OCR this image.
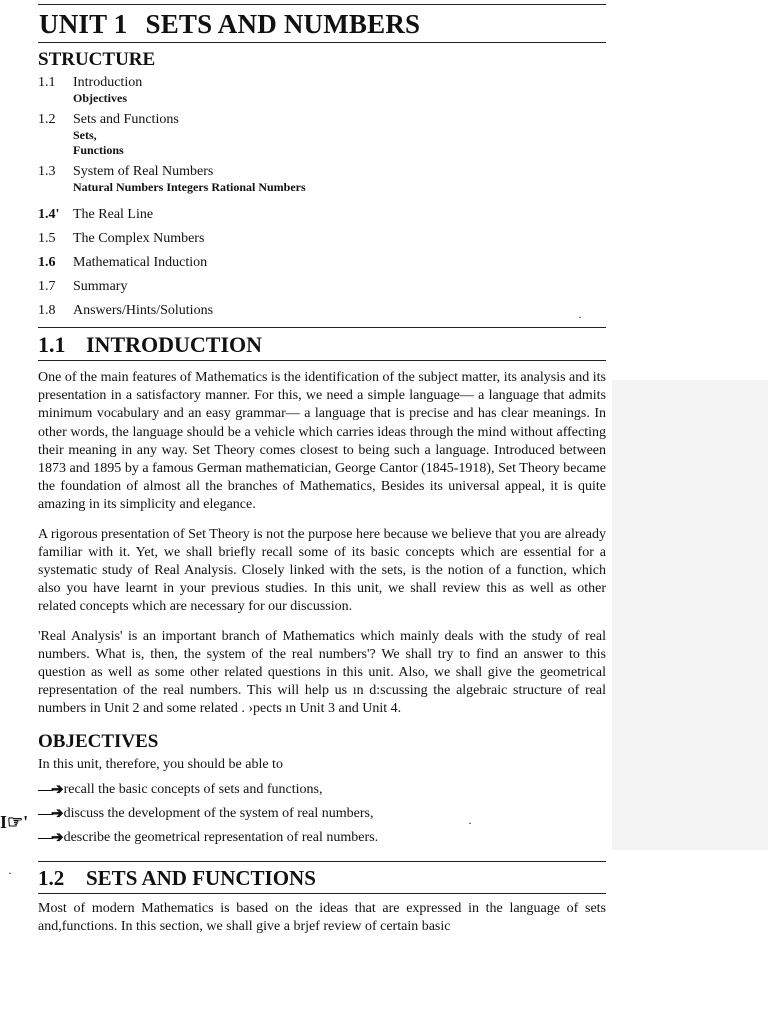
UNIT 1 SETS AND NUMBERS
STRUCTURE
1.1	Introduction
Objectives
1.2	Sets and Functions
Sets,
Functions
1.3	System of Real Numbers
Natural Numbers Integers Rational Numbers
1.4' The Real Line
1.5	The Complex Numbers
1.6	Mathematical Induction
1.7	Summary
1.8	Answers/Hints/Solutions
1.1 INTRODUCTION

One of the main features of Mathematics is the identification of the subject matter, its analysis and its presentation in a satisfactory manner. For this, we need a simple language— a language that admits minimum vocabulary and an easy grammar— a language that is precise and has clear meanings. In other words, the language should be a vehicle which carries ideas through the mind without affecting their meaning in any way. Set Theory comes closest to being such a language. Introduced between 1873 and 1895 by a famous German mathematician, George Cantor (1845-1918), Set Theory became the foundation of almost all the branches of Mathematics, Besides its universal appeal, it is quite amazing in its simplicity and elegance.

A rigorous presentation of Set Theory is not the purpose here because we believe that you are already familiar with it. Yet, we shall briefly recall some of its basic concepts which are essential for a systematic study of Real Analysis. Closely linked with the sets, is the notion of a function, which also you have learnt in your previous studies. In this unit, we shall review this as well as other related concepts which are necessary for our discussion.

'Real Analysis' is an important branch of Mathematics which mainly deals with the study of real numbers. What is, then, the system of the real numbers'? We shall try to find an answer to this question as well as some other related questions in this unit. Also, we shall give the geometrical representation of the real numbers. This will help us ın d:scussing the algebraic structure of real numbers in Unit 2 and some related . ›pects ın Unit 3 and Unit 4.

OBJECTIVES
In this unit, therefore, you should be able to
—➔ recall
the basic concepts of sets and functions,
—➔ discuss
the development of the system of real numbers,
—➔ describe
the geometrical representation of real numbers.
1.2 SETS AND FUNCTIONS

Most of modern Mathematics is based on the ideas that are expressed in the language of sets and,functions. In this section, we shall give a brjef review of certain basic

I☞'
·
·
·
